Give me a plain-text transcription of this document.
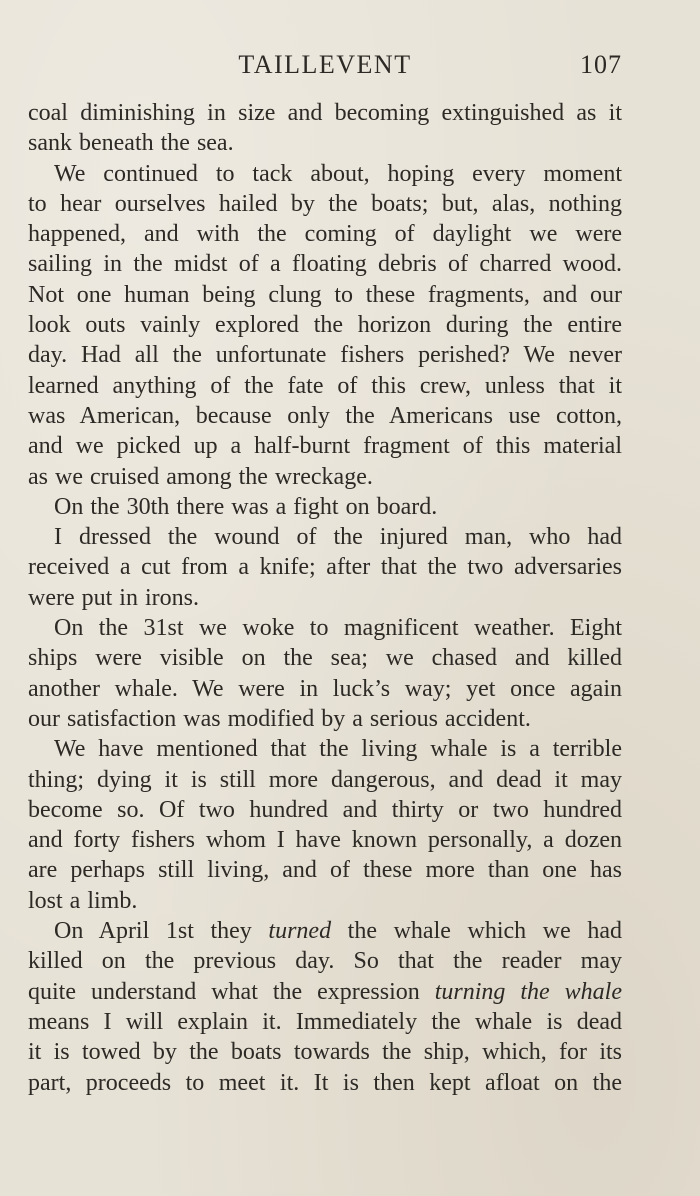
TAILLEVENT	107
coal diminishing in size and becoming extinguished as it
sank beneath the sea.
We continued to tack about, hoping every moment
to hear ourselves hailed by the boats; but, alas, nothing
happened, and with the coming of daylight we were
sailing in the midst of a floating debris of charred wood.
Not one human being clung to these fragments, and our
look outs vainly explored the horizon during the entire
day. Had all the unfortunate fishers perished? We never
learned anything of the fate of this crew, unless that it
was American, because only the Americans use cotton,
and we picked up a half-burnt fragment of this material
as we cruised among the wreckage.
On the 30th there was a fight on board.
I dressed the wound of the injured man, who had
received a cut from a knife; after that the two adversaries
were put in irons.
On the 31st we woke to magnificent weather. Eight
ships were visible on the sea; we chased and killed
another whale. We were in luck’s way; yet once again
our satisfaction was modified by a serious accident.
We have mentioned that the living whale is a terrible
thing; dying it is still more dangerous, and dead it may
become so. Of two hundred and thirty or two hundred
and forty fishers whom I have known personally, a dozen
are perhaps still living, and of these more than one has
lost a limb.
On April 1st they turned the whale which we had
killed on the previous day. So that the reader may
quite understand what the expression turning the whale
means I will explain it. Immediately the whale is dead
it is towed by the boats towards the ship, which, for its
part, proceeds to meet it. It is then kept afloat on the
